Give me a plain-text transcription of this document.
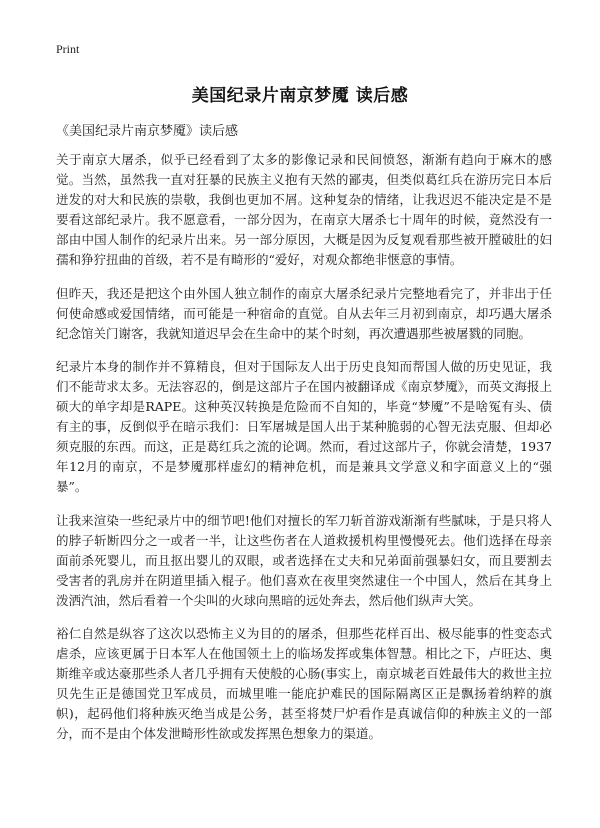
Print
美国纪录片南京梦魇 读后感
《美国纪录片南京梦魇》读后感

关于南京大屠杀，似乎已经看到了太多的影像记录和民间愤怒，渐渐有趋向于麻木的感觉。当然，虽然我一直对狂暴的民族主义抱有天然的鄙夷，但类似葛红兵在游历完日本后迸发的对大和民族的崇敬，我倒也更加不屑。这种复杂的情绪，让我迟迟不能决定是不是要看这部纪录片。我不愿意看，一部分因为，在南京大屠杀七十周年的时候，竟然没有一部由中国人制作的纪录片出来。另一部分原因，大概是因为反复观看那些被开膛破肚的妇孺和狰狞扭曲的首级，若不是有畸形的“爱好，对观众都绝非惬意的事情。

但昨天，我还是把这个由外国人独立制作的南京大屠杀纪录片完整地看完了，并非出于任何使命感或爱国情绪，而可能是一种宿命的直觉。自从去年三月初到南京，却巧遇大屠杀纪念馆关门谢客，我就知道迟早会在生命中的某个时刻，再次遭遇那些被屠戮的同胞。

纪录片本身的制作并不算精良，但对于国际友人出于历史良知而帮国人做的历史见证，我们不能苛求太多。无法容忍的，倒是这部片子在国内被翻译成《南京梦魇》，而英文海报上硕大的单字却是RAPE。这种英汉转换是危险而不自知的，毕竟“梦魇”不是啥冤有头、债有主的事，反倒似乎在暗示我们：日军屠城是国人出于某种脆弱的心智无法克服、但却必须克服的东西。而这，正是葛红兵之流的论调。然而，看过这部片子，你就会清楚，1937年12月的南京，不是梦魇那样虚幻的精神危机，而是兼具文学意义和字面意义上的“强暴”。

让我来渲染一些纪录片中的细节吧!他们对擅长的军刀斩首游戏渐渐有些腻味，于是只将人的脖子斩断四分之一或者一半，让这些伤者在人道救援机构里慢慢死去。他们选择在母亲面前杀死婴儿，而且抠出婴儿的双眼，或者选择在丈夫和兄弟面前强暴妇女，而且要割去受害者的乳房并在阴道里插入棍子。他们喜欢在夜里突然逮住一个中国人，然后在其身上泼洒汽油，然后看着一个尖叫的火球向黑暗的远处奔去，然后他们纵声大笑。

裕仁自然是纵容了这次以恐怖主义为目的的屠杀，但那些花样百出、极尽能事的性变态式虐杀，应该更属于日本军人在他国领土上的临场发挥或集体智慧。相比之下，卢旺达、奥斯维辛或达豪那些杀人者几乎拥有天使般的心肠(事实上，南京城老百姓最伟大的救世主拉贝先生正是德国党卫军成员，而城里唯一能庇护难民的国际隔离区正是飘扬着纳粹的旗帜)，起码他们将种族灭绝当成是公务，甚至将焚尸炉看作是真诚信仰的种族主义的一部分，而不是由个体发泄畸形性欲或发挥黑色想象力的渠道。
